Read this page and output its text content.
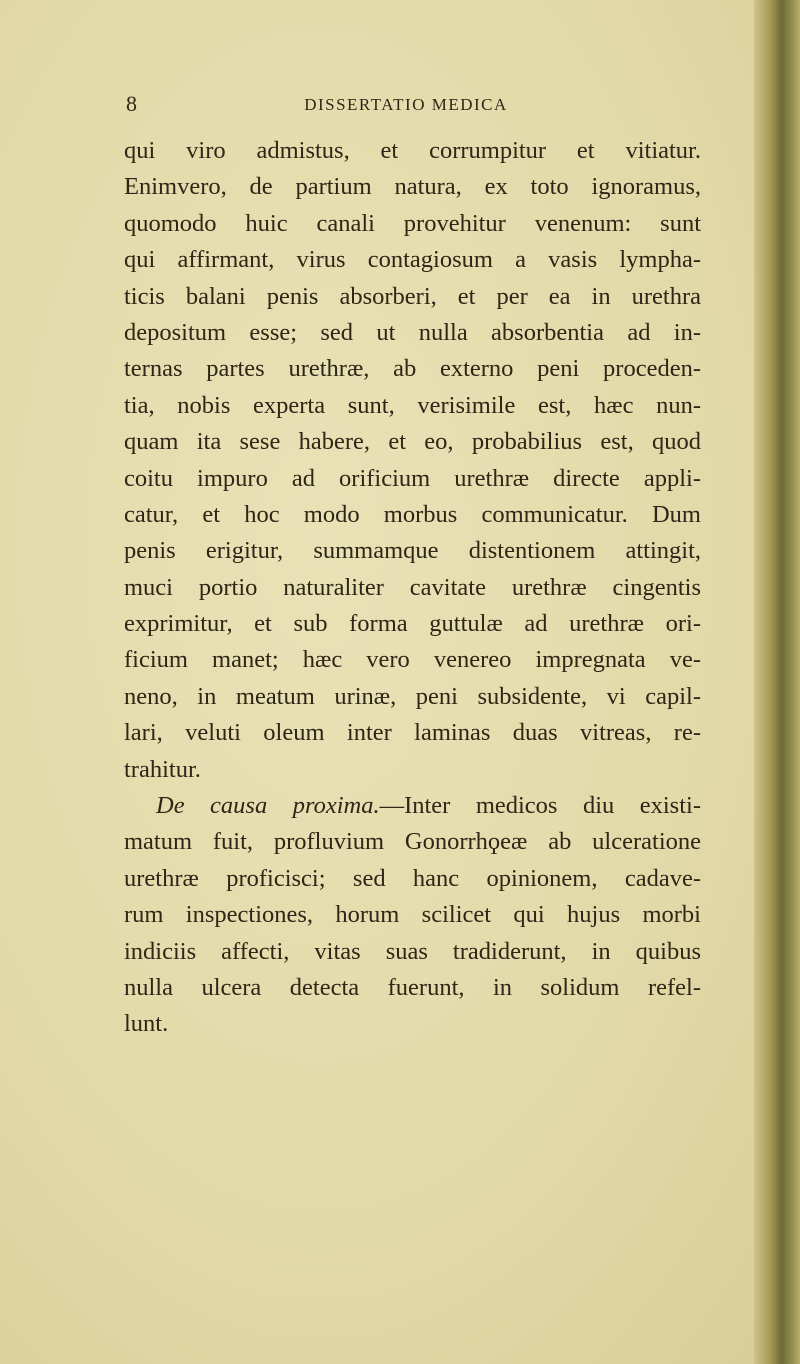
8	DISSERTATIO MEDICA
qui viro admistus, et corrumpitur et vitiatur.
Enimvero, de partium natura, ex toto ignoramus,
quomodo huic canali provehitur venenum: sunt
qui affirmant, virus contagiosum a vasis lympha-
ticis balani penis absorberi, et per ea in urethra
depositum esse; sed ut nulla absorbentia ad in-
ternas partes urethræ, ab externo peni proceden-
tia, nobis experta sunt, verisimile est, hæc nun-
quam ita sese habere, et eo, probabilius est, quod
coitu impuro ad orificium urethræ directe appli-
catur, et hoc modo morbus communicatur. Dum
penis erigitur, summamque distentionem attingit,
muci portio naturaliter cavitate urethræ cingentis
exprimitur, et sub forma guttulæ ad urethræ ori-
ficium manet; hæc vero venereo impregnata ve-
neno, in meatum urinæ, peni subsidente, vi capil-
lari, veluti oleum inter laminas duas vitreas, re-
trahitur.
De causa proxima.—Inter medicos diu existi-
matum fuit, profluvium Gonorrhϙeæ ab ulceratione
urethræ proficisci; sed hanc opinionem, cadave-
rum inspectiones, horum scilicet qui hujus morbi
indiciis affecti, vitas suas tradiderunt, in quibus
nulla ulcera detecta fuerunt, in solidum refel-
lunt.
